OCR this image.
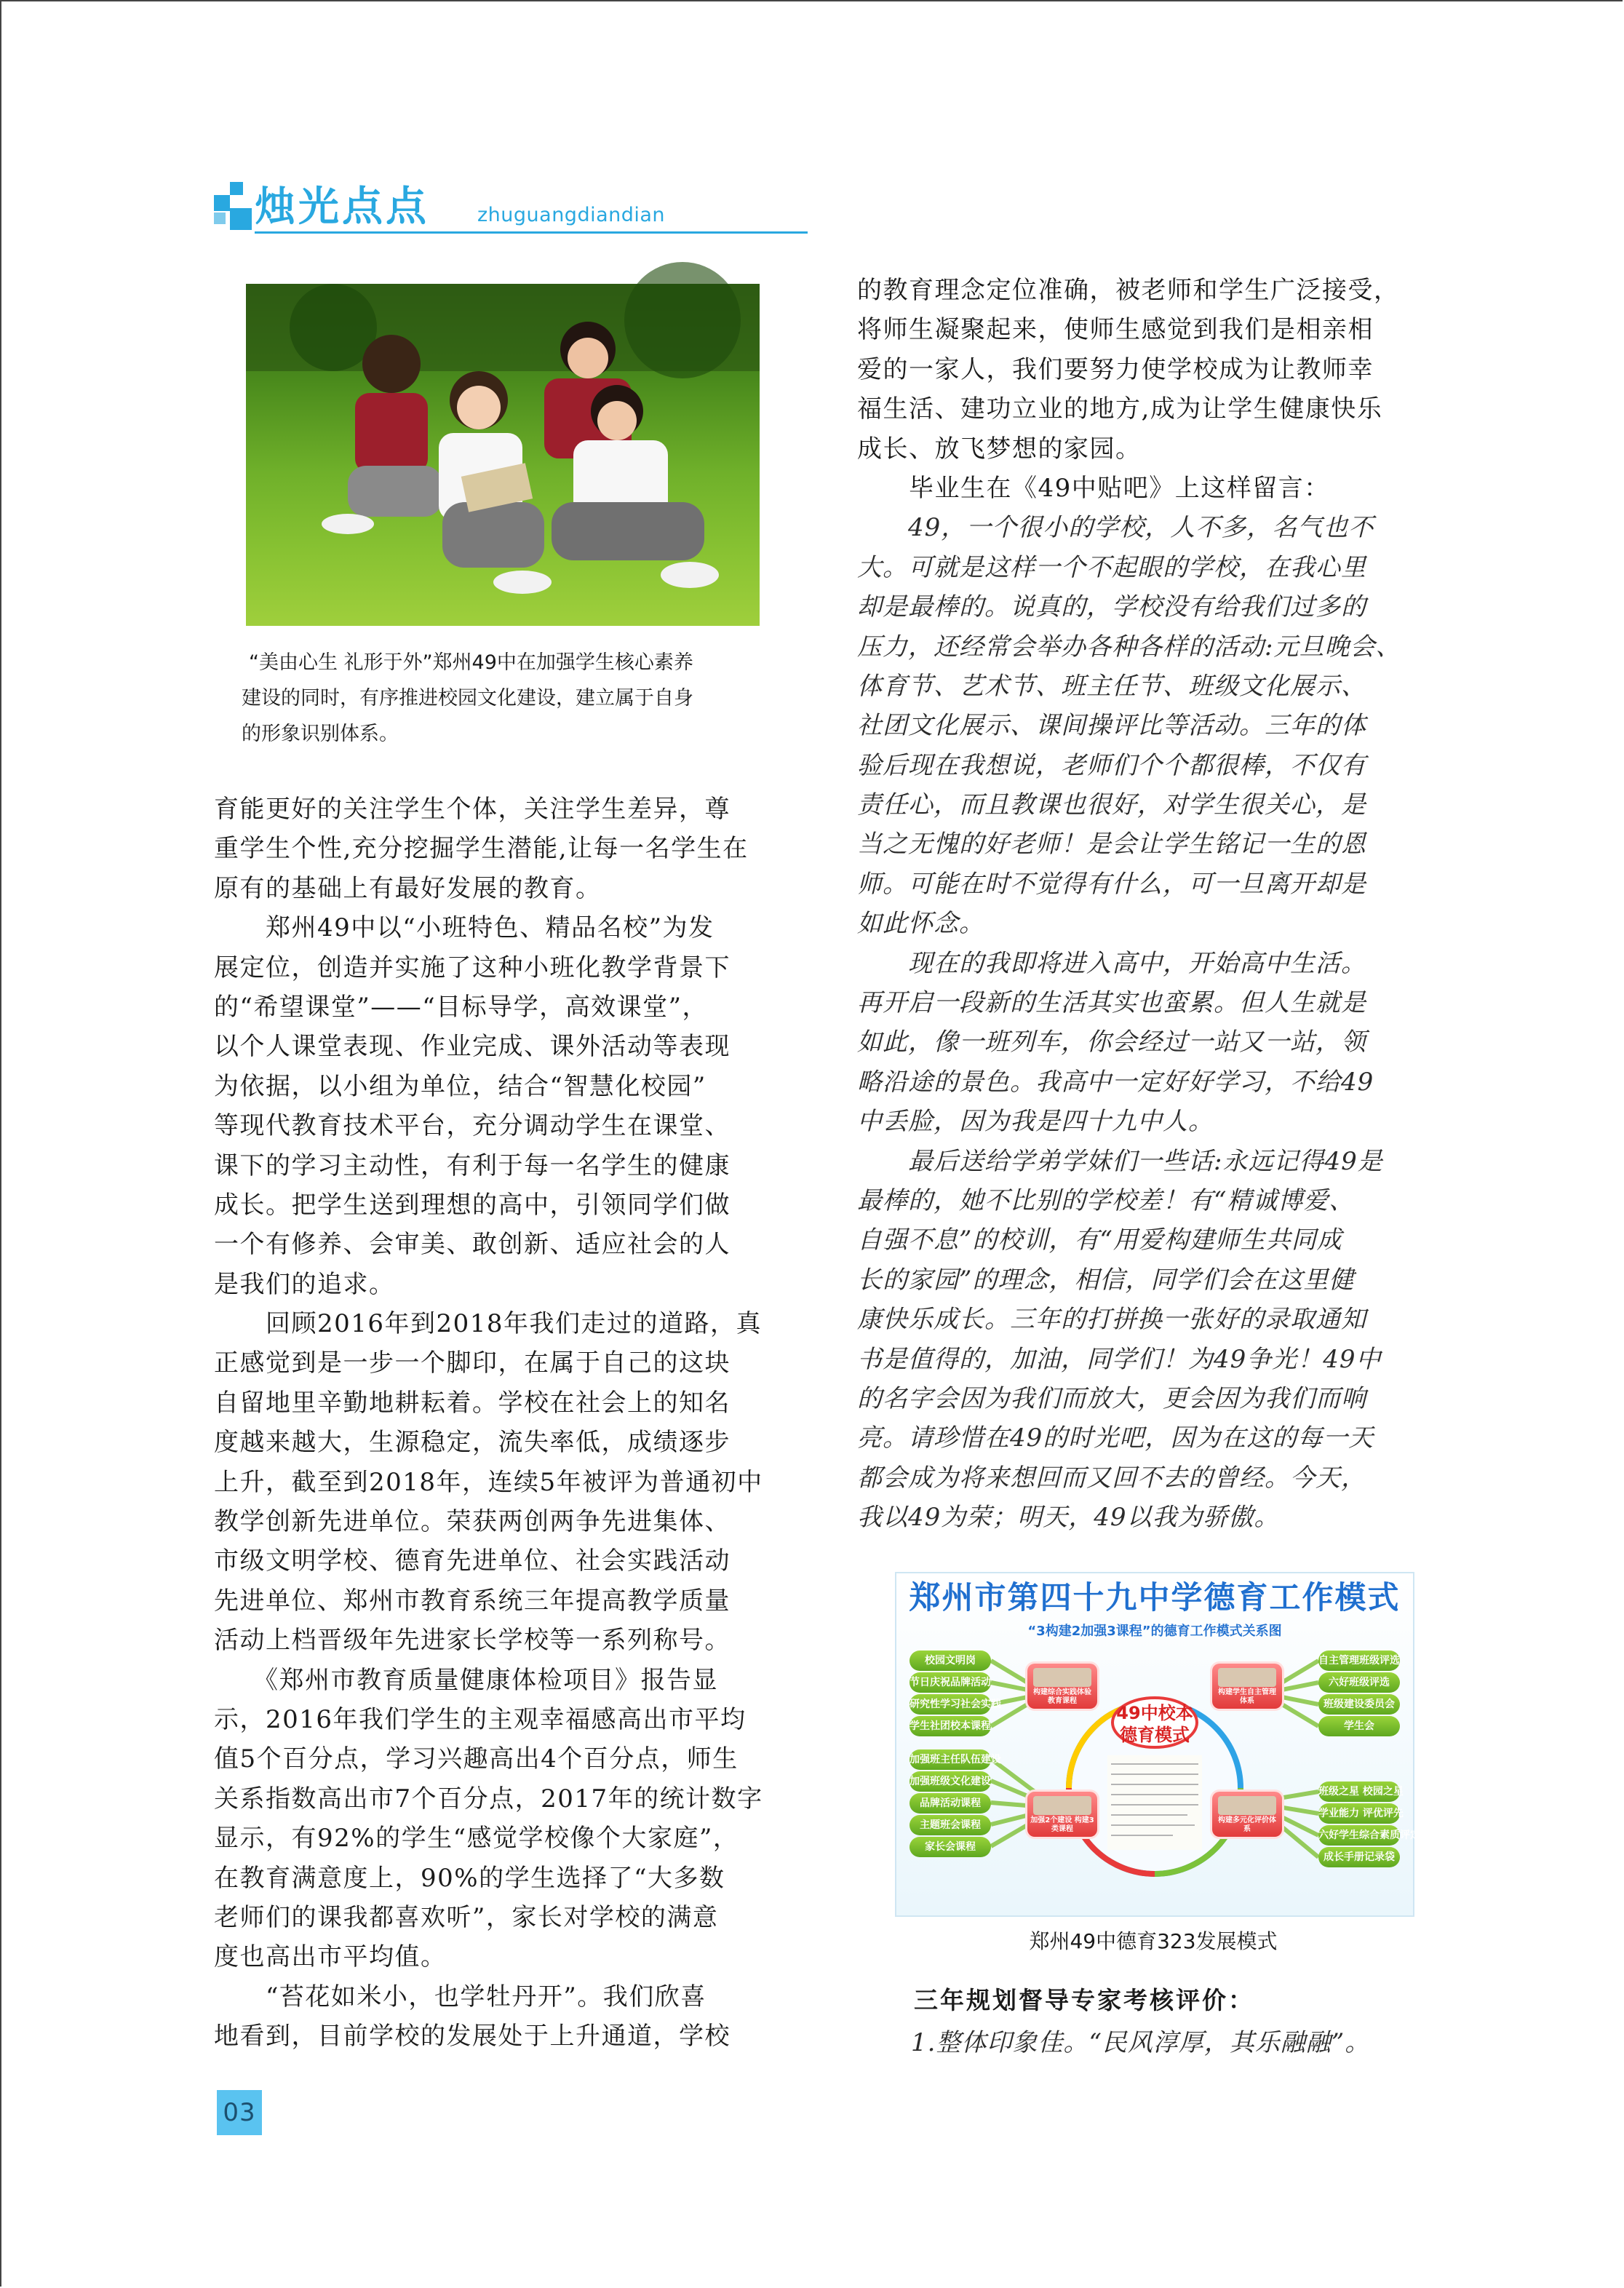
烛光点点 zhuguangdiandian
“美由心生 礼形于外”郑州49中在加强学生核心素养
建设的同时，有序推进校园文化建设，建立属于自身
的形象识别体系。
育能更好的关注学生个体，关注学生差异，尊
重学生个性,充分挖掘学生潜能,让每一名学生在
原有的基础上有最好发展的教育。
　　郑州49中以“小班特色、精品名校”为发
展定位，创造并实施了这种小班化教学背景下
的“希望课堂”——“目标导学，高效课堂”，
以个人课堂表现、作业完成、课外活动等表现
为依据，以小组为单位，结合“智慧化校园”
等现代教育技术平台，充分调动学生在课堂、
课下的学习主动性，有利于每一名学生的健康
成长。把学生送到理想的高中，引领同学们做
一个有修养、会审美、敢创新、适应社会的人
是我们的追求。
　　回顾2016年到2018年我们走过的道路，真
正感觉到是一步一个脚印，在属于自己的这块
自留地里辛勤地耕耘着。学校在社会上的知名
度越来越大，生源稳定，流失率低，成绩逐步
上升，截至到2018年，连续5年被评为普通初中
教学创新先进单位。荣获两创两争先进集体、
市级文明学校、德育先进单位、社会实践活动
先进单位、郑州市教育系统三年提高教学质量
活动上档晋级年先进家长学校等一系列称号。
　　《郑州市教育质量健康体检项目》报告显
示，2016年我们学生的主观幸福感高出市平均
值5个百分点，学习兴趣高出4个百分点，师生
关系指数高出市7个百分点，2017年的统计数字
显示，有92%的学生“感觉学校像个大家庭”，
在教育满意度上，90%的学生选择了“大多数
老师们的课我都喜欢听”，家长对学校的满意
度也高出市平均值。
　　“苔花如米小，也学牡丹开”。我们欣喜
地看到，目前学校的发展处于上升通道，学校
的教育理念定位准确，被老师和学生广泛接受，
将师生凝聚起来，使师生感觉到我们是相亲相
爱的一家人，我们要努力使学校成为让教师幸
福生活、建功立业的地方,成为让学生健康快乐
成长、放飞梦想的家园。
　　毕业生在《49中贴吧》上这样留言：
　　49，一个很小的学校，人不多，名气也不
大。可就是这样一个不起眼的学校，在我心里
却是最棒的。说真的，学校没有给我们过多的
压力，还经常会举办各种各样的活动:元旦晚会、
体育节、艺术节、班主任节、班级文化展示、
社团文化展示、课间操评比等活动。三年的体
验后现在我想说，老师们个个都很棒，不仅有
责任心，而且教课也很好，对学生很关心，是
当之无愧的好老师！是会让学生铭记一生的恩
师。可能在时不觉得有什么，可一旦离开却是
如此怀念。
　　现在的我即将进入高中，开始高中生活。
再开启一段新的生活其实也蛮累。但人生就是
如此，像一班列车，你会经过一站又一站，领
略沿途的景色。我高中一定好好学习，不给49
中丢脸，因为我是四十九中人。
　　最后送给学弟学妹们一些话:永远记得49是
最棒的，她不比别的学校差！有“精诚博爱、
自强不息”的校训，有“用爱构建师生共同成
长的家园”的理念，相信，同学们会在这里健
康快乐成长。三年的打拼换一张好的录取通知
书是值得的，加油，同学们！为49争光！49中
的名字会因为我们而放大，更会因为我们而响
亮。请珍惜在49的时光吧，因为在这的每一天
都会成为将来想回而又回不去的曾经。今天，
我以49为荣；明天，49以我为骄傲。
郑州市第四十九中学德育工作模式
“3构建2加强3课程”的德育工作模式关系图
49中校本
德育模式
校园文明岗
节日庆祝品牌活动
研究性学习社会实践
学生社团校本课程
加强班主任队伍建设
加强班级文化建设
品牌活动课程
主题班会课程
家长会课程
自主管理班级评选
六好班级评选
班级建设委员会
学生会
班级之星 校园之星
学业能力 评优评先
六好学生综合素质评定
成长手册记录袋
构建综合实践体验教育课程
构建学生自主管理体系
加强2个建设 构建3类课程
构建多元化评价体系
郑州49中德育323发展模式
三年规划督导专家考核评价：
1.整体印象佳。“民风淳厚，其乐融融”。
03
